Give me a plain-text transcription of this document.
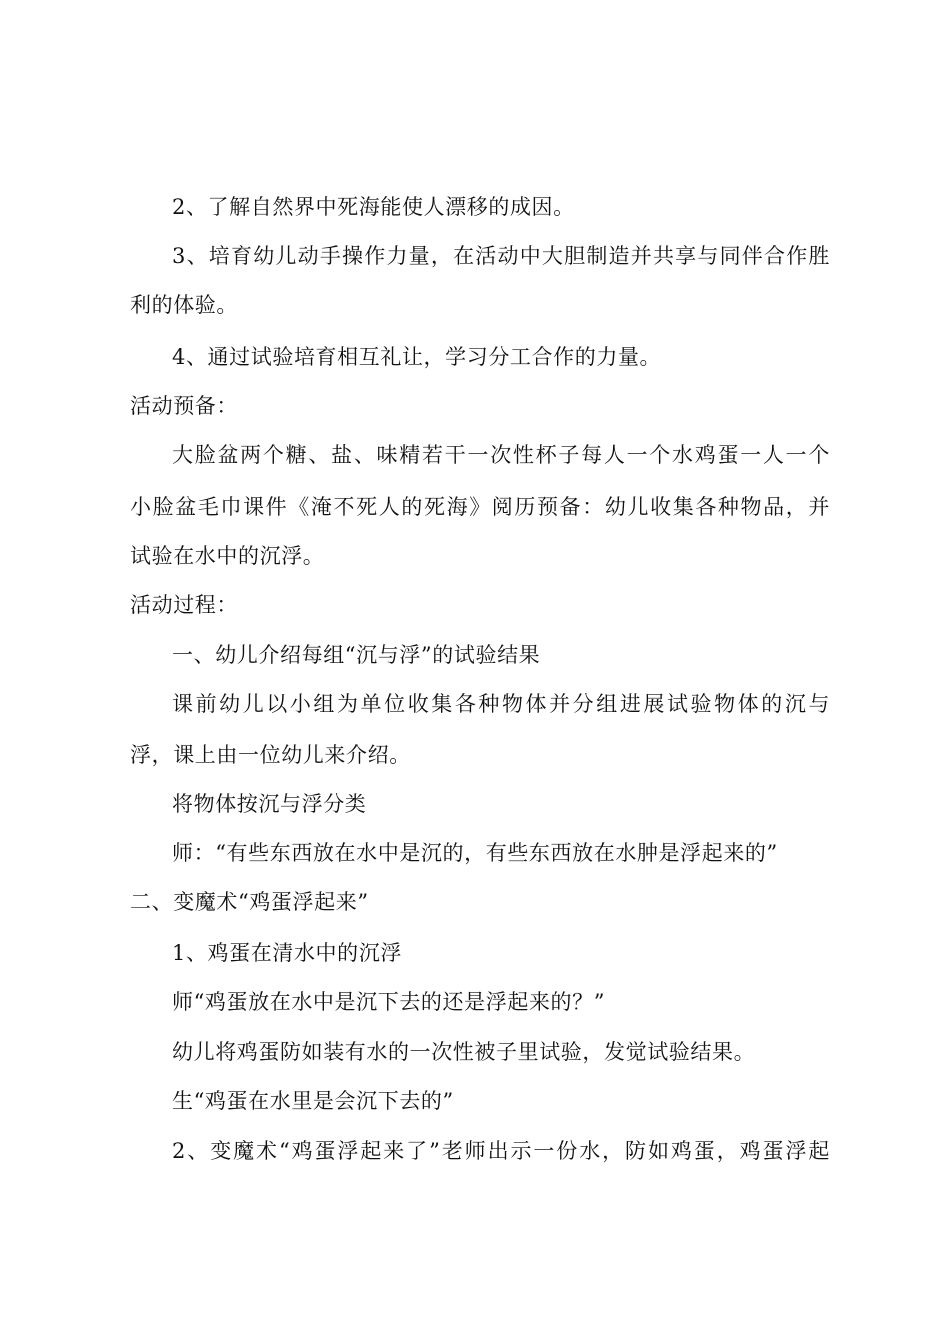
2、了解自然界中死海能使人漂移的成因。
3、培育幼儿动手操作力量，在活动中大胆制造并共享与同伴合作胜
利的体验。
4、通过试验培育相互礼让，学习分工合作的力量。
活动预备：
大脸盆两个糖、盐、味精若干一次性杯子每人一个水鸡蛋一人一个
小脸盆毛巾课件《淹不死人的死海》阅历预备：幼儿收集各种物品，并
试验在水中的沉浮。
活动过程：
一、幼儿介绍每组“沉与浮”的试验结果
课前幼儿以小组为单位收集各种物体并分组进展试验物体的沉与
浮，课上由一位幼儿来介绍。
将物体按沉与浮分类
师：“有些东西放在水中是沉的，有些东西放在水肿是浮起来的”
二、变魔术“鸡蛋浮起来”
1、鸡蛋在清水中的沉浮
师“鸡蛋放在水中是沉下去的还是浮起来的？”
幼儿将鸡蛋防如装有水的一次性被子里试验，发觉试验结果。
生“鸡蛋在水里是会沉下去的”
2、变魔术“鸡蛋浮起来了”老师出示一份水，防如鸡蛋，鸡蛋浮起
